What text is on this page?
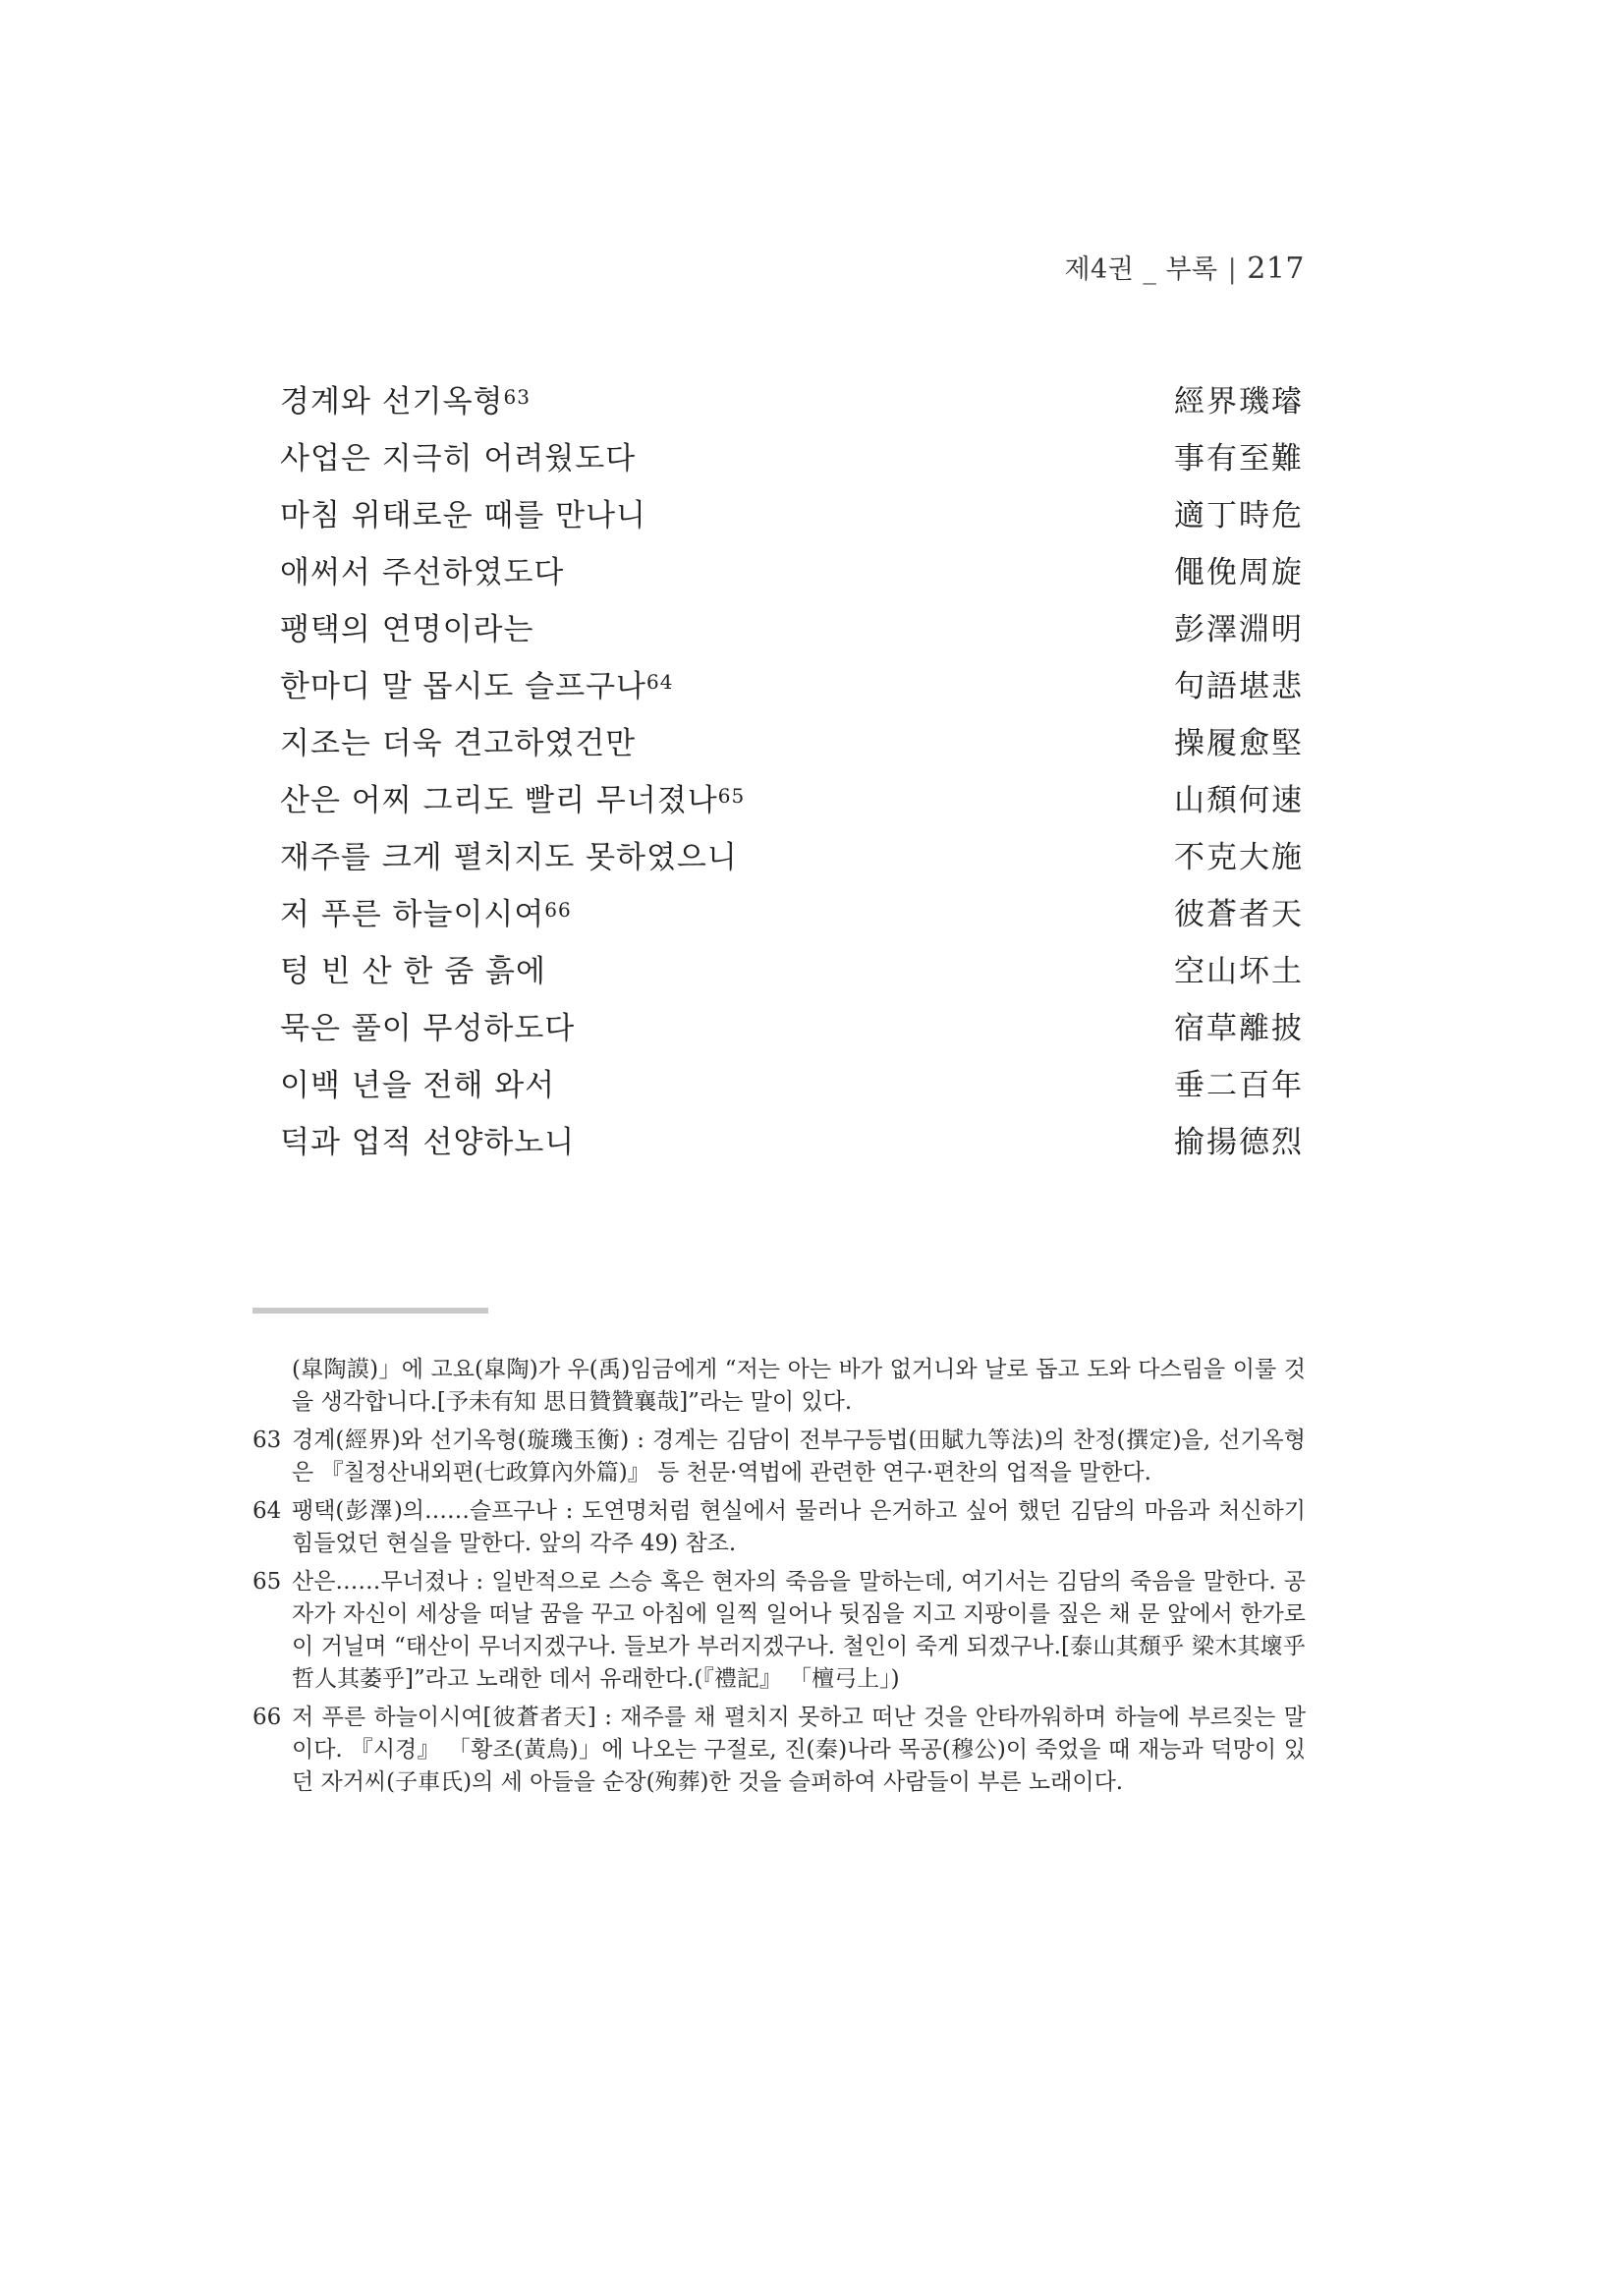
제4권 _ 부록 | 217
경계와 선기옥형$^{63}$	經界璣璿
사업은 지극히 어려웠도다	事有至難
마침 위태로운 때를 만나니	適丁時危
애써서 주선하였도다	僶俛周旋
팽택의 연명이라는	彭澤淵明
한마디 말 몹시도 슬프구나$^{64}$	句語堪悲
지조는 더욱 견고하였건만	操履愈堅
산은 어찌 그리도 빨리 무너졌나$^{65}$	山頹何速
재주를 크게 펼치지도 못하였으니	不克大施
저 푸른 하늘이시여$^{66}$	彼蒼者天
텅 빈 산 한 줌 흙에	空山坏土
묵은 풀이 무성하도다	宿草離披
이백 년을 전해 와서	垂二百年
덕과 업적 선양하노니	揄揚德烈
(皐陶謨)」에 고요(皐陶)가 우(禹)임금에게 “저는 아는 바가 없거니와 날로 돕고 도와 다스림을 이룰 것을 생각합니다.[予未有知 思日贊贊襄哉]”라는 말이 있다.
63 경계(經界)와 선기옥형(璇璣玉衡) : 경계는 김담이 전부구등법(田賦九等法)의 찬정(撰定)을, 선기옥형은 『칠정산내외편(七政算內外篇)』 등 천문·역법에 관련한 연구·편찬의 업적을 말한다.
64 팽택(彭澤)의……슬프구나 : 도연명처럼 현실에서 물러나 은거하고 싶어 했던 김담의 마음과 처신하기 힘들었던 현실을 말한다. 앞의 각주 49) 참조.
65 산은……무너졌나 : 일반적으로 스승 혹은 현자의 죽음을 말하는데, 여기서는 김담의 죽음을 말한다. 공자가 자신이 세상을 떠날 꿈을 꾸고 아침에 일찍 일어나 뒷짐을 지고 지팡이를 짚은 채 문 앞에서 한가로이 거닐며 “태산이 무너지겠구나. 들보가 부러지겠구나. 철인이 죽게 되겠구나.[泰山其頹乎 梁木其壞乎 哲人其萎乎]”라고 노래한 데서 유래한다.(『禮記』 「檀弓上」)
66 저 푸른 하늘이시여[彼蒼者天] : 재주를 채 펼치지 못하고 떠난 것을 안타까워하며 하늘에 부르짖는 말이다. 『시경』 「황조(黃鳥)」에 나오는 구절로, 진(秦)나라 목공(穆公)이 죽었을 때 재능과 덕망이 있던 자거씨(子車氏)의 세 아들을 순장(殉葬)한 것을 슬퍼하여 사람들이 부른 노래이다.
